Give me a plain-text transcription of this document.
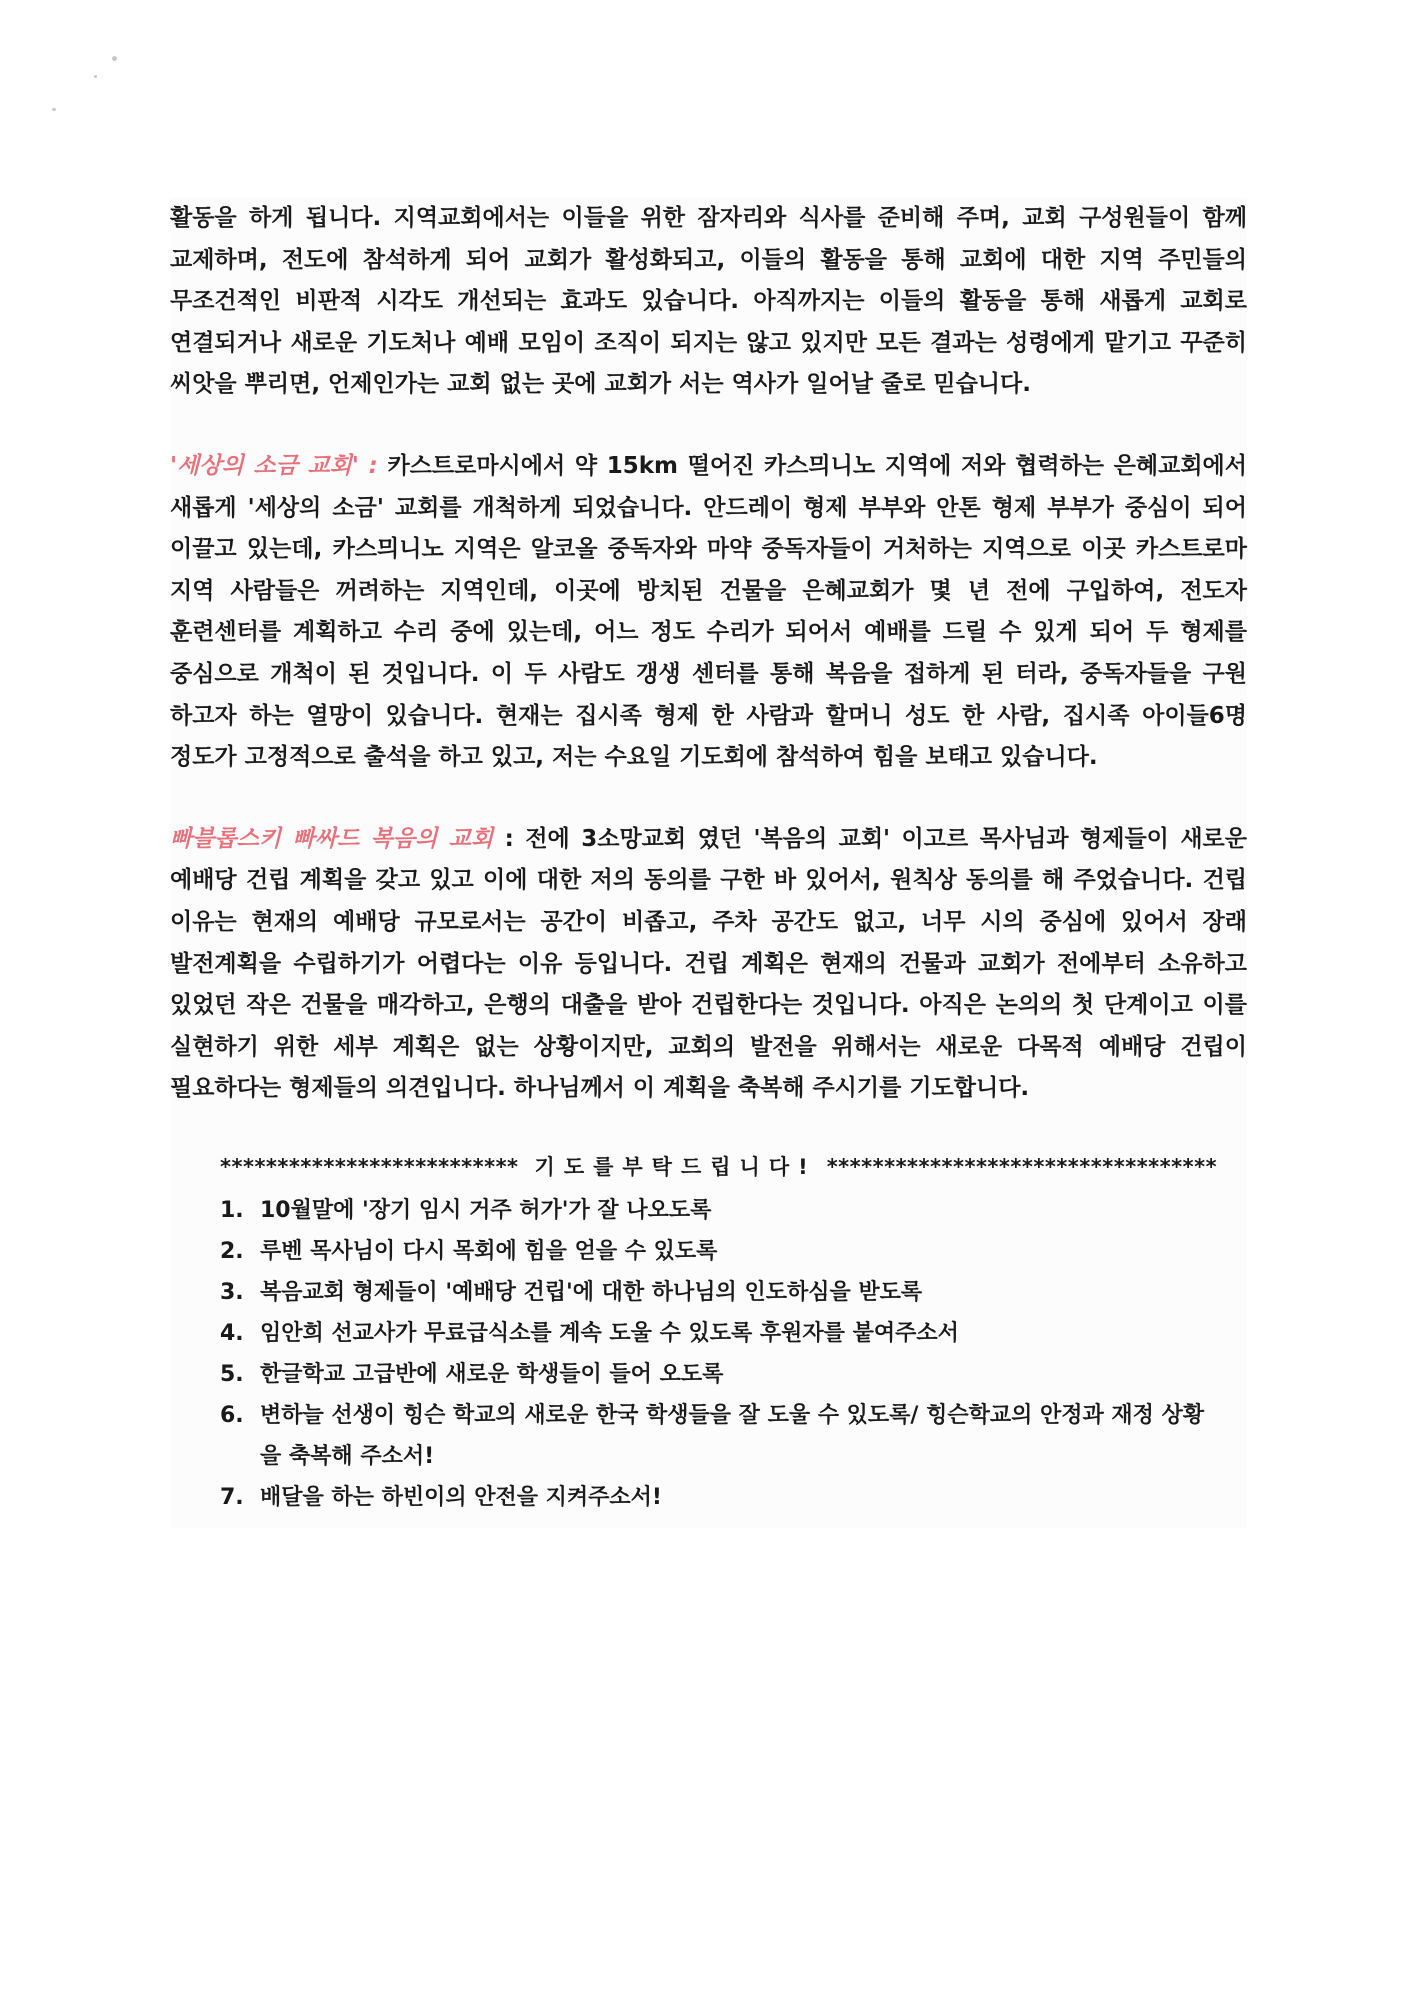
활동을 하게 됩니다. 지역교회에서는 이들을 위한 잠자리와 식사를 준비해 주며, 교회 구성원들이 함께 교제하며, 전도에 참석하게 되어 교회가 활성화되고, 이들의 활동을 통해 교회에 대한 지역 주민들의 무조건적인 비판적 시각도 개선되는 효과도 있습니다. 아직까지는 이들의 활동을 통해 새롭게 교회로 연결되거나 새로운 기도처나 예배 모임이 조직이 되지는 않고 있지만 모든 결과는 성령에게 맡기고 꾸준히 씨앗을 뿌리면, 언제인가는 교회 없는 곳에 교회가 서는 역사가 일어날 줄로 믿습니다.

'세상의 소금 교회' : 카스트로마시에서 약 15km 떨어진 카스믜니노 지역에 저와 협력하는 은혜교회에서 새롭게 '세상의 소금' 교회를 개척하게 되었습니다. 안드레이 형제 부부와 안톤 형제 부부가 중심이 되어 이끌고 있는데, 카스믜니노 지역은 알코올 중독자와 마약 중독자들이 거처하는 지역으로 이곳 카스트로마 지역 사람들은 꺼려하는 지역인데, 이곳에 방치된 건물을 은혜교회가 몇 년 전에 구입하여, 전도자 훈련센터를 계획하고 수리 중에 있는데, 어느 정도 수리가 되어서 예배를 드릴 수 있게 되어 두 형제를 중심으로 개척이 된 것입니다. 이 두 사람도 갱생 센터를 통해 복음을 접하게 된 터라, 중독자들을 구원 하고자 하는 열망이 있습니다. 현재는 집시족 형제 한 사람과 할머니 성도 한 사람, 집시족 아이들6명 정도가 고정적으로 출석을 하고 있고, 저는 수요일 기도회에 참석하여 힘을 보태고 있습니다.

빠블롭스키 빠싸드 복음의 교회 : 전에 3소망교회 였던 '복음의 교회' 이고르 목사님과 형제들이 새로운 예배당 건립 계획을 갖고 있고 이에 대한 저의 동의를 구한 바 있어서, 원칙상 동의를 해 주었습니다. 건립 이유는 현재의 예배당 규모로서는 공간이 비좁고, 주차 공간도 없고, 너무 시의 중심에 있어서 장래 발전계획을 수립하기가 어렵다는 이유 등입니다. 건립 계획은 현재의 건물과 교회가 전에부터 소유하고 있었던 작은 건물을 매각하고, 은행의 대출을 받아 건립한다는 것입니다. 아직은 논의의 첫 단계이고 이를 실현하기 위한 세부 계획은 없는 상황이지만, 교회의 발전을 위해서는 새로운 다목적 예배당 건립이 필요하다는 형제들의 의견입니다. 하나님께서 이 계획을 축복해 주시기를 기도합니다.

************************** 기도를부탁드립니다! **********************************
1. 10월말에 '장기 임시 거주 허가'가 잘 나오도록
2. 루벤 목사님이 다시 목회에 힘을 얻을 수 있도록
3. 복음교회 형제들이 '예배당 건립'에 대한 하나님의 인도하심을 받도록
4. 임안희 선교사가 무료급식소를 계속 도울 수 있도록 후원자를 붙여주소서
5. 한글학교 고급반에 새로운 학생들이 들어 오도록
6. 변하늘 선생이 힝슨 학교의 새로운 한국 학생들을 잘 도울 수 있도록/ 힝슨학교의 안정과 재정 상황을 축복해 주소서!
7. 배달을 하는 하빈이의 안전을 지켜주소서!
